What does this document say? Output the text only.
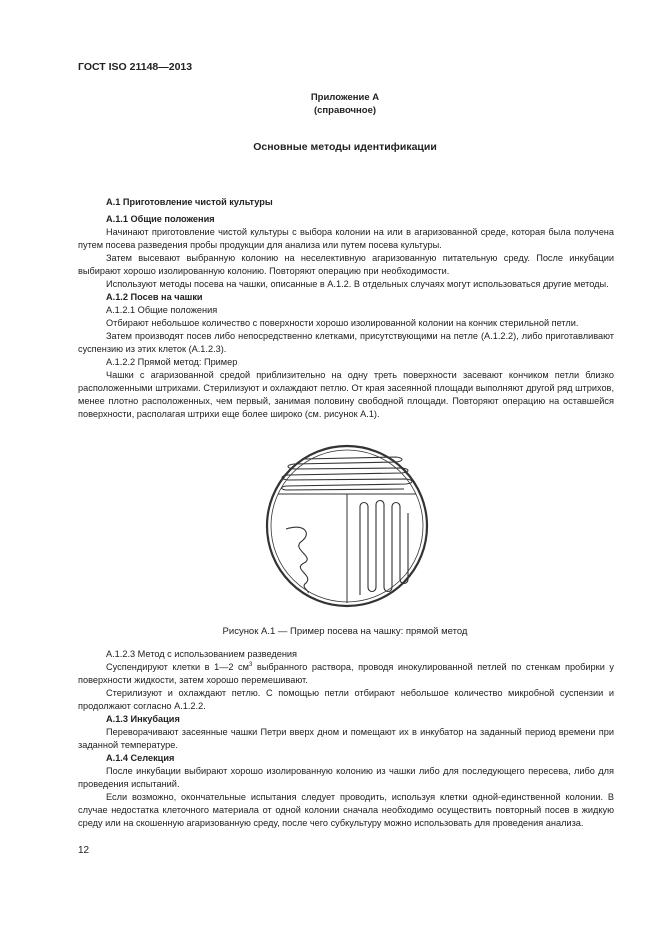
ГОСТ ISO 21148—2013
Приложение А
(справочное)
Основные методы идентификации

А.1 Приготовление чистой культуры

А.1.1 Общие положения

Начинают приготовление чистой культуры с выбора колонии на или в агаризованной среде, которая была получена путем посева разведения пробы продукции для анализа или путем посева культуры.

Затем высевают выбранную колонию на неселективную агаризованную питательную среду. После инкубации выбирают хорошо изолированную колонию. Повторяют операцию при необходимости.

Используют методы посева на чашки, описанные в А.1.2. В отдельных случаях могут использоваться другие методы.

А.1.2 Посев на чашки

А.1.2.1 Общие положения

Отбирают небольшое количество с поверхности хорошо изолированной колонии на кончик стерильной петли.

Затем производят посев либо непосредственно клетками, присутствующими на петле (А.1.2.2), либо приготавливают суспензию из этих клеток (А.1.2.3).

А.1.2.2 Прямой метод: Пример

Чашки с агаризованной средой приблизительно на одну треть поверхности засевают кончиком петли близко расположенными штрихами. Стерилизуют и охлаждают петлю. От края засеянной площади выполняют другой ряд штрихов, менее плотно расположенных, чем первый, занимая половину свободной площади. Повторяют операцию на оставшейся поверхности, располагая штрихи еще более широко (см. рисунок А.1).

Рисунок А.1 — Пример посева на чашку: прямой метод

А.1.2.3 Метод с использованием разведения

Суспендируют клетки в 1—2 $см^3$ выбранного раствора, проводя инокулированной петлей по стенкам пробирки у поверхности жидкости, затем хорошо перемешивают.

Стерилизуют и охлаждают петлю. С помощью петли отбирают небольшое количество микробной суспензии и продолжают согласно А.1.2.2.

А.1.3 Инкубация

Переворачивают засеянные чашки Петри вверх дном и помещают их в инкубатор на заданный период времени при заданной температуре.

А.1.4 Селекция

После инкубации выбирают хорошо изолированную колонию из чашки либо для последующего пересева, либо для проведения испытаний.

Если возможно, окончательные испытания следует проводить, используя клетки одной-единственной колонии. В случае недостатка клеточного материала от одной колонии сначала необходимо осуществить повторный посев в жидкую среду или на скошенную агаризованную среду, после чего субкультуру можно использовать для проведения анализа.

12
